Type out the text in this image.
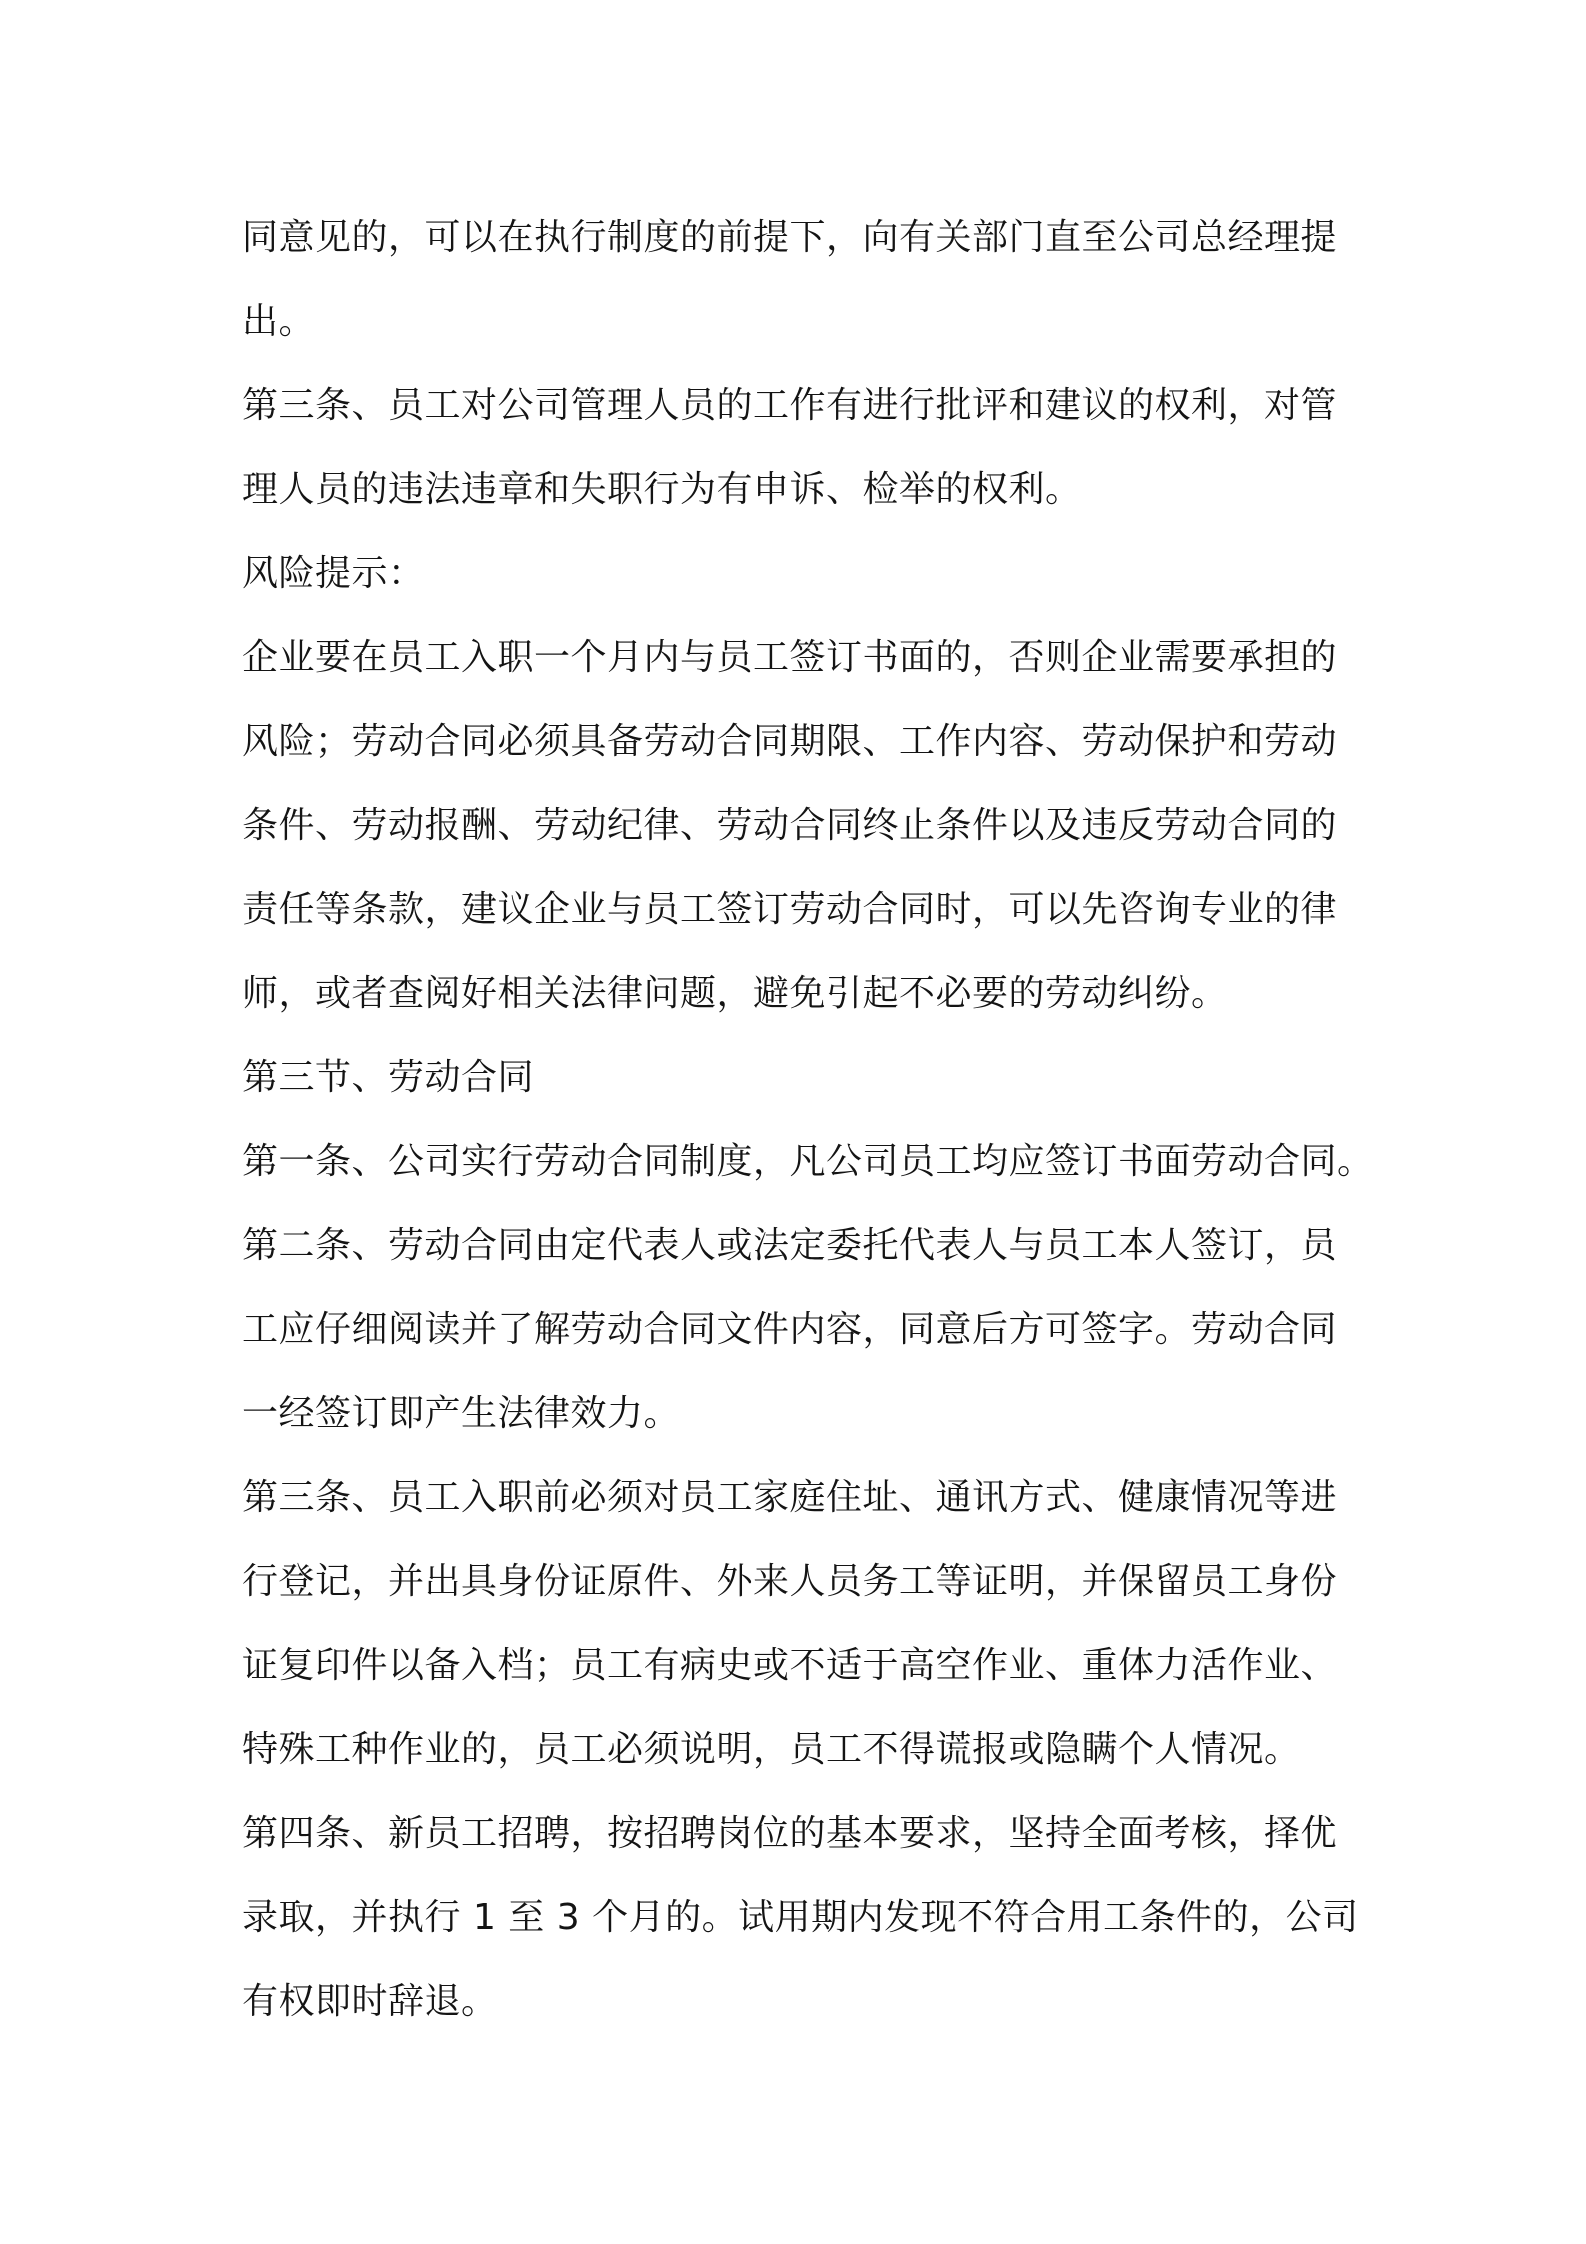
同意见的，可以在执行制度的前提下，向有关部门直至公司总经理提
出。
第三条、员工对公司管理人员的工作有进行批评和建议的权利，对管
理人员的违法违章和失职行为有申诉、检举的权利。
风险提示：
企业要在员工入职一个月内与员工签订书面的，否则企业需要承担的
风险；劳动合同必须具备劳动合同期限、工作内容、劳动保护和劳动
条件、劳动报酬、劳动纪律、劳动合同终止条件以及违反劳动合同的
责任等条款，建议企业与员工签订劳动合同时，可以先咨询专业的律
师，或者查阅好相关法律问题，避免引起不必要的劳动纠纷。
第三节、劳动合同
第一条、公司实行劳动合同制度，凡公司员工均应签订书面劳动合同。
第二条、劳动合同由定代表人或法定委托代表人与员工本人签订，员
工应仔细阅读并了解劳动合同文件内容，同意后方可签字。劳动合同
一经签订即产生法律效力。
第三条、员工入职前必须对员工家庭住址、通讯方式、健康情况等进
行登记，并出具身份证原件、外来人员务工等证明，并保留员工身份
证复印件以备入档；员工有病史或不适于高空作业、重体力活作业、
特殊工种作业的，员工必须说明，员工不得谎报或隐瞒个人情况。
第四条、新员工招聘，按招聘岗位的基本要求，坚持全面考核，择优
录取，并执行 1 至 3 个月的。试用期内发现不符合用工条件的，公司
有权即时辞退。
